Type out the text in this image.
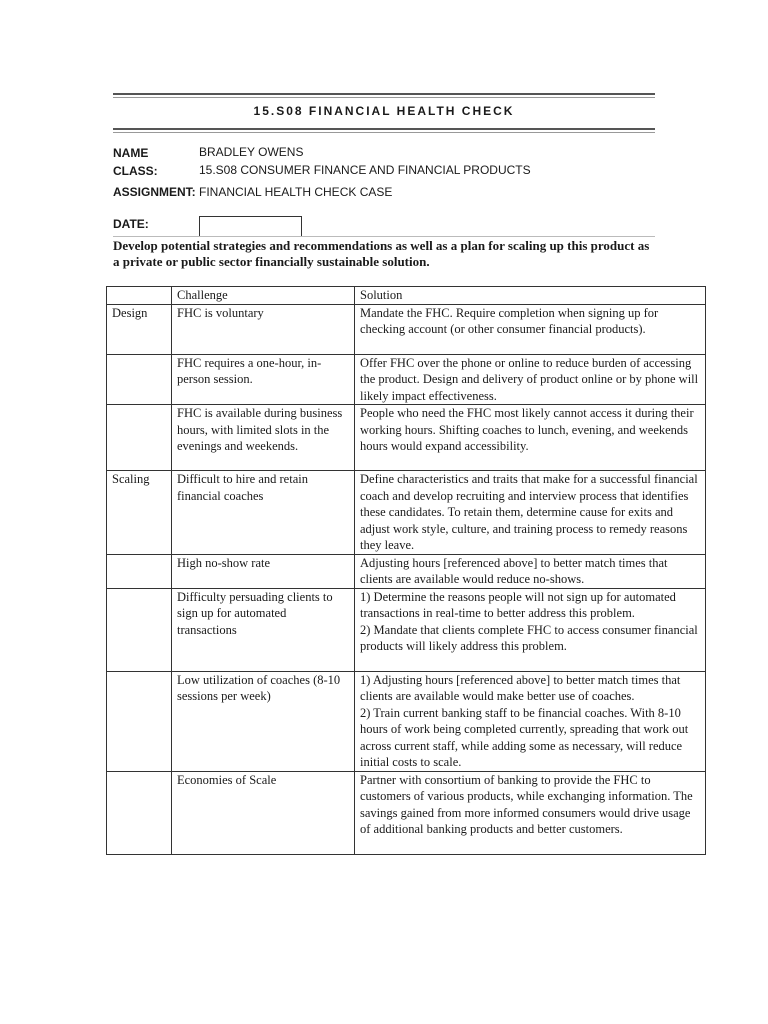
15.S08 FINANCIAL HEALTH CHECK
NAME	BRADLEY OWENS
CLASS:	15.S08 CONSUMER FINANCE AND FINANCIAL PRODUCTS
ASSIGNMENT: FINANCIAL HEALTH CHECK CASE
DATE:
Develop potential strategies and recommendations as well as a plan for scaling up this product as a private or public sector financially sustainable solution.
	Challenge	Solution
Design	FHC is voluntary	Mandate the FHC. Require completion when signing up for checking account (or other consumer financial products).

	FHC requires a one-hour, in-person session.	Offer FHC over the phone or online to reduce burden of accessing the product. Design and delivery of product online or by phone will likely impact effectiveness.

	FHC is available during business hours, with limited slots in the evenings and weekends.	People who need the FHC most likely cannot access it during their working hours. Shifting coaches to lunch, evening, and weekends hours would expand accessibility.

Scaling	Difficult to hire and retain financial coaches	Define characteristics and traits that make for a successful financial coach and develop recruiting and interview process that identifies these candidates. To retain them, determine cause for exits and adjust work style, culture, and training process to remedy reasons they leave.

	High no-show rate	Adjusting hours [referenced above] to better match times that clients are available would reduce no-shows.

	Difficulty persuading clients to sign up for automated transactions	1) Determine the reasons people will not sign up for automated transactions in real-time to better address this problem.
2) Mandate that clients complete FHC to access consumer financial products will likely address this problem.

	Low utilization of coaches (8-10 sessions per week)	1) Adjusting hours [referenced above] to better match times that clients are available would make better use of coaches.
2) Train current banking staff to be financial coaches. With 8-10 hours of work being completed currently, spreading that work out across current staff, while adding some as necessary, will reduce initial costs to scale.

	Economies of Scale	Partner with consortium of banking to provide the FHC to customers of various products, while exchanging information. The savings gained from more informed consumers would drive usage of additional banking products and better customers.
